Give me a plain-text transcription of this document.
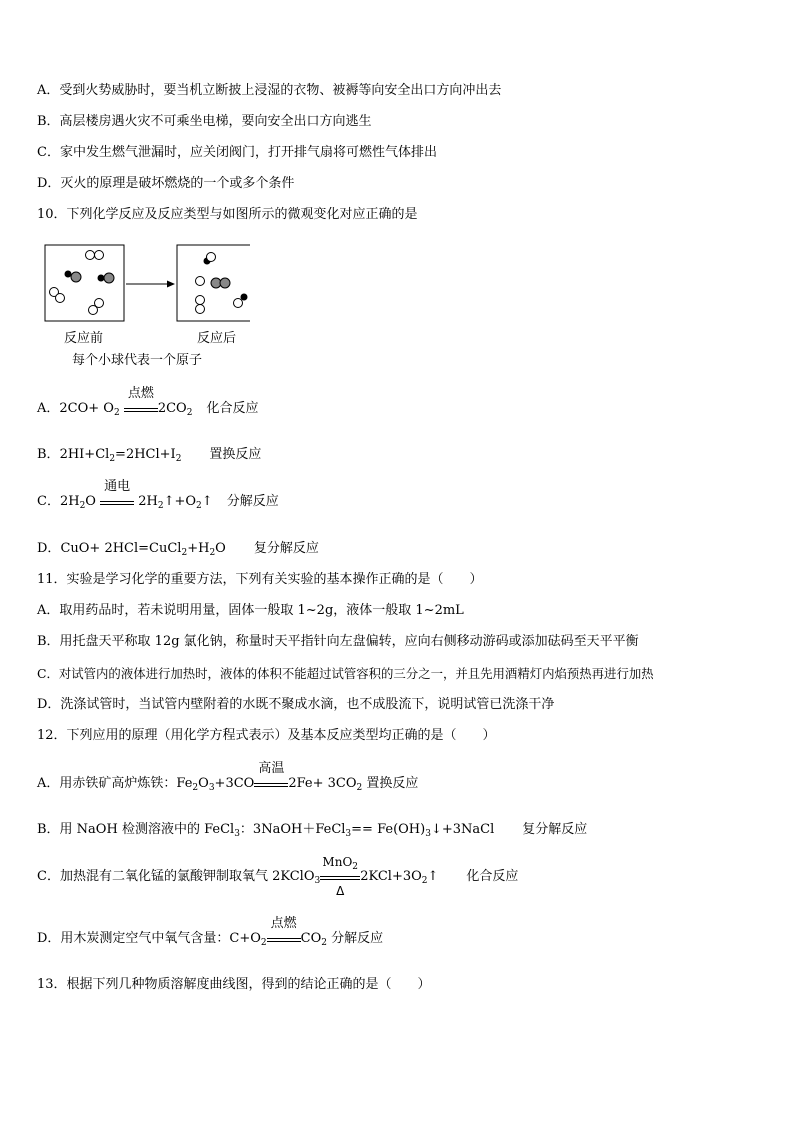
A．受到火势威胁时，要当机立断披上浸湿的衣物、被褥等向安全出口方向冲出去
B．高层楼房遇火灾不可乘坐电梯，要向安全出口方向逃生
C．家中发生燃气泄漏时，应关闭阀门，打开排气扇将可燃性气体排出
D．灭火的原理是破坏燃烧的一个或多个条件
10．下列化学反应及反应类型与如图所示的微观变化对应正确的是
反应前	反应后
每个小球代表一个原子
A．$2CO+ O_2$
点燃
$2CO_2$ 化合反应
B．$2HI+Cl_2=2HCl+I_2$ 置换反应
C．$2H_2O$
通电
$2H_2↑+O_2↑$ 分解反应
D．$CuO+ 2HCl=CuCl_2+H_2O$ 复分解反应
11．实验是学习化学的重要方法，下列有关实验的基本操作正确的是（　　）
A．取用药品时，若未说明用量，固体一般取 1~2g，液体一般取 1~2mL
B．用托盘天平称取 12g 氯化钠，称量时天平指针向左盘偏转，应向右侧移动游码或添加砝码至天平平衡
C．对试管内的液体进行加热时，液体的体积不能超过试管容积的三分之一，并且先用酒精灯内焰预热再进行加热
D．洗涤试管时，当试管内壁附着的水既不聚成水滴，也不成股流下，说明试管已洗涤干净
12．下列应用的原理（用化学方程式表示）及基本反应类型均正确的是（　　）
A．用赤铁矿高炉炼铁：$Fe_2O_3+3CO$
高温
$2Fe+ 3CO_2$ 置换反应
B．用 NaOH 检测溶液中的 FeCl$_3$：3NaOH＋FeCl$_3$== $Fe(OH)_3↓+3NaCl$ 复分解反应
C．加热混有二氧化锰的氯酸钾制取氧气 2KClO$_3$
MnO$_2$
Δ
$2KCl+3O_2↑$ 化合反应
D．用木炭测定空气中氧气含量：$C+O_2$
点燃
$CO_2$ 分解反应
13．根据下列几种物质溶解度曲线图，得到的结论正确的是（　　）
